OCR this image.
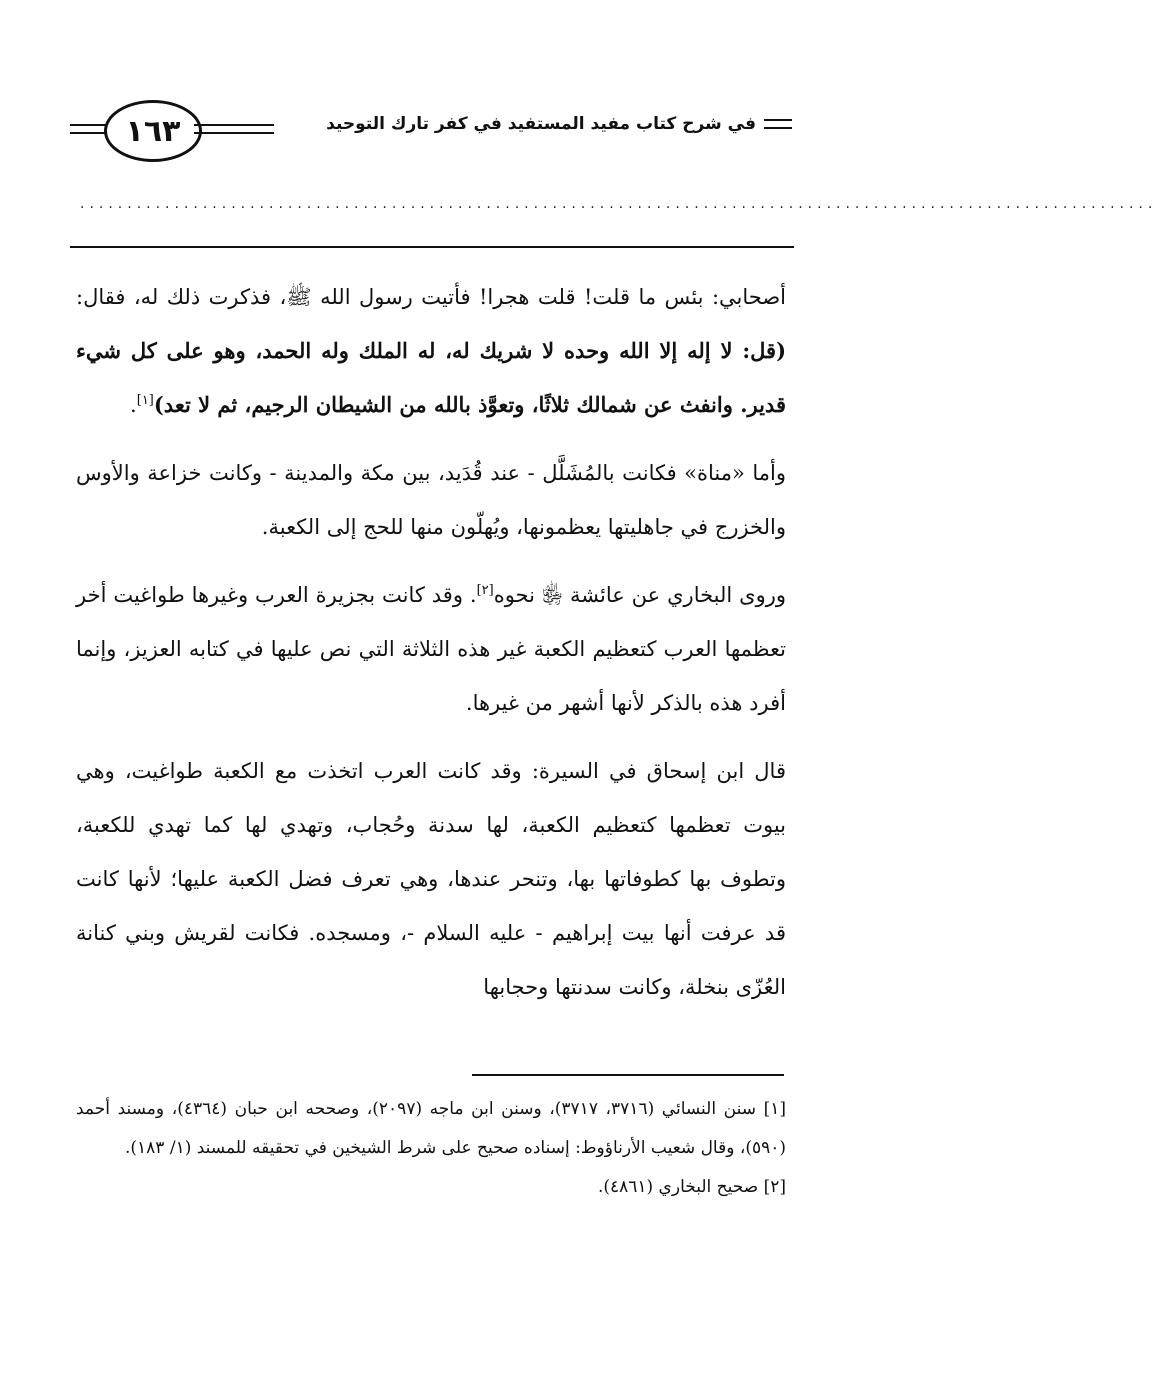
في شرح كتاب مفيد المستفيد في كفر تارك التوحيد
١٦٣
..................................................................................................................

أصحابي: بئس ما قلت! قلت هجرا! فأتيت رسول الله ﷺ، فذكرت ذلك له، فقال: (قل: لا إله إلا الله وحده لا شريك له، له الملك وله الحمد، وهو على كل شيء قدير. وانفث عن شمالك ثلاثًا، وتعوَّذ بالله من الشيطان الرجيم، ثم لا تعد)[١].

وأما «مناة» فكانت بالمُشَلَّل - عند قُدَيد، بين مكة والمدينة - وكانت خزاعة والأوس والخزرج في جاهليتها يعظمونها، ويُهلّون منها للحج إلى الكعبة.

وروى البخاري عن عائشة ﵂ نحوه[٢]. وقد كانت بجزيرة العرب وغيرها طواغيت أخر تعظمها العرب كتعظيم الكعبة غير هذه الثلاثة التي نص عليها في كتابه العزيز، وإنما أفرد هذه بالذكر لأنها أشهر من غيرها.

قال ابن إسحاق في السيرة: وقد كانت العرب اتخذت مع الكعبة طواغيت، وهي بيوت تعظمها كتعظيم الكعبة، لها سدنة وحُجاب، وتهدي لها كما تهدي للكعبة، وتطوف بها كطوفاتها بها، وتنحر عندها، وهي تعرف فضل الكعبة عليها؛ لأنها كانت قد عرفت أنها بيت إبراهيم - عليه السلام -، ومسجده. فكانت لقريش وبني كنانة العُزّى بنخلة، وكانت سدنتها وحجابها

[١] سنن النسائي (٣٧١٦، ٣٧١٧)، وسنن ابن ماجه (٢٠٩٧)، وصححه ابن حبان (٤٣٦٤)، ومسند أحمد (٥٩٠)، وقال شعيب الأرناؤوط: إسناده صحيح على شرط الشيخين في تحقيقه للمسند (١/ ١٨٣).

[٢] صحيح البخاري (٤٨٦١).
